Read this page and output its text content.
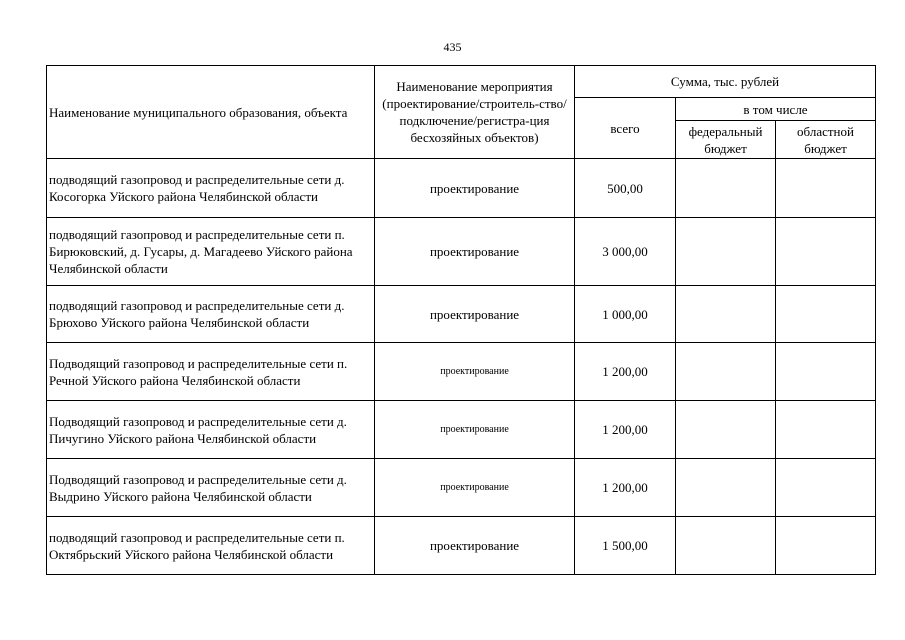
435
Наименование муниципального образования, объекта	Наименование мероприятия (проектирование/строитель-ство/подключение/регистра-ция бесхозяйных объектов)	Сумма, тыс. рублей		
		всего	в том числе	
			федеральный бюджет	областной бюджет
подводящий газопровод и распределительные сети д. Косогорка Уйского района Челябинской области	проектирование	500,00		
подводящий газопровод и распределительные сети п. Бирюковский, д. Гусары, д. Магадеево Уйского района Челябинской области	проектирование	3 000,00		
подводящий газопровод и распределительные сети д. Брюхово Уйского района Челябинской области	проектирование	1 000,00		
Подводящий газопровод и распределительные сети п. Речной Уйского района Челябинской области	проектирование	1 200,00		
Подводящий газопровод и распределительные сети д. Пичугино Уйского района Челябинской области	проектирование	1 200,00		
Подводящий газопровод и распределительные сети д. Выдрино Уйского района Челябинской области	проектирование	1 200,00		
подводящий газопровод и распределительные сети п. Октябрьский Уйского района Челябинской области	проектирование	1 500,00		
